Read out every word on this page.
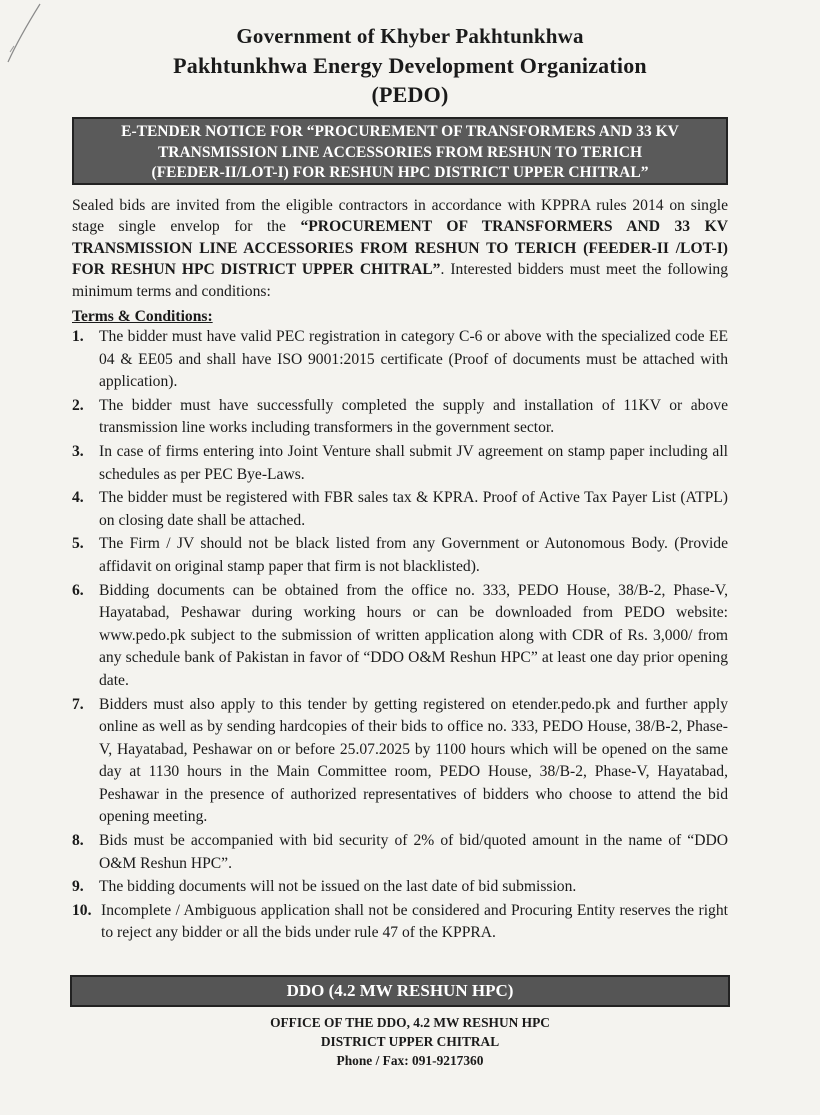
Government of Khyber Pakhtunkhwa
Pakhtunkhwa Energy Development Organization
(PEDO)
E-TENDER NOTICE FOR “PROCUREMENT OF TRANSFORMERS AND 33 KV
TRANSMISSION LINE ACCESSORIES FROM RESHUN TO TERICH
(FEEDER-II/LOT-I) FOR RESHUN HPC DISTRICT UPPER CHITRAL”
Sealed bids are invited from the eligible contractors in accordance with KPPRA rules 2014 on single stage single envelop for the “PROCUREMENT OF TRANSFORMERS AND 33 KV TRANSMISSION LINE ACCESSORIES FROM RESHUN TO TERICH (FEEDER-II /LOT-I) FOR RESHUN HPC DISTRICT UPPER CHITRAL”. Interested bidders must meet the following minimum terms and conditions:
Terms & Conditions:
1. The bidder must have valid PEC registration in category C-6 or above with the specialized code EE 04 & EE05 and shall have ISO 9001:2015 certificate (Proof of documents must be attached with application).
2. The bidder must have successfully completed the supply and installation of 11KV or above transmission line works including transformers in the government sector.
3. In case of firms entering into Joint Venture shall submit JV agreement on stamp paper including all schedules as per PEC Bye-Laws.
4. The bidder must be registered with FBR sales tax & KPRA. Proof of Active Tax Payer List (ATPL) on closing date shall be attached.
5. The Firm / JV should not be black listed from any Government or Autonomous Body. (Provide affidavit on original stamp paper that firm is not blacklisted).
6. Bidding documents can be obtained from the office no. 333, PEDO House, 38/B-2, Phase-V, Hayatabad, Peshawar during working hours or can be downloaded from PEDO website: www.pedo.pk subject to the submission of written application along with CDR of Rs. 3,000/ from any schedule bank of Pakistan in favor of “DDO O&M Reshun HPC” at least one day prior opening date.
7. Bidders must also apply to this tender by getting registered on etender.pedo.pk and further apply online as well as by sending hardcopies of their bids to office no. 333, PEDO House, 38/B-2, Phase-V, Hayatabad, Peshawar on or before 25.07.2025 by 1100 hours which will be opened on the same day at 1130 hours in the Main Committee room, PEDO House, 38/B-2, Phase-V, Hayatabad, Peshawar in the presence of authorized representatives of bidders who choose to attend the bid opening meeting.
8. Bids must be accompanied with bid security of 2% of bid/quoted amount in the name of “DDO O&M Reshun HPC”.
9. The bidding documents will not be issued on the last date of bid submission.
10. Incomplete / Ambiguous application shall not be considered and Procuring Entity reserves the right to reject any bidder or all the bids under rule 47 of the KPPRA.
DDO (4.2 MW RESHUN HPC)
OFFICE OF THE DDO, 4.2 MW RESHUN HPC
DISTRICT UPPER CHITRAL
Phone / Fax: 091-9217360
